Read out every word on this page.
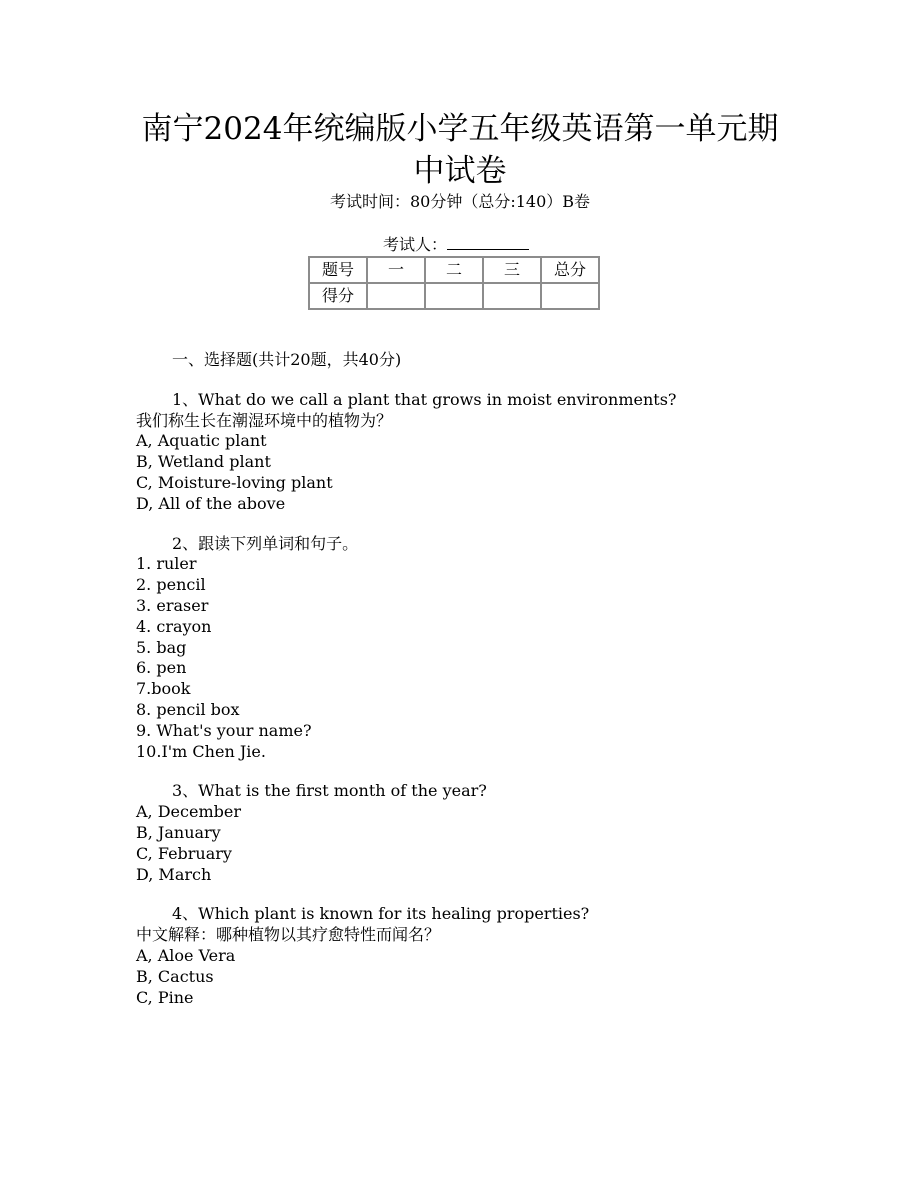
南宁2024年统编版小学五年级英语第一单元期
中试卷
考试时间：80分钟（总分:140）B卷
考试人：
题号	一	二	三	总分
得分				
一、选择题(共计20题，共40分)
1、What do we call a plant that grows in moist environments?
我们称生长在潮湿环境中的植物为？
A, Aquatic plant
B, Wetland plant
C, Moisture-loving plant
D, All of the above
2、跟读下列单词和句子。
1. ruler
2. pencil
3. eraser
4. crayon
5. bag
6. pen
7.book
8. pencil box
9. What's your name?
10.I'm Chen Jie.
3、What is the first month of the year?
A, December
B, January
C, February
D, March
4、Which plant is known for its healing properties?
中文解释：哪种植物以其疗愈特性而闻名？
A, Aloe Vera
B, Cactus
C, Pine
